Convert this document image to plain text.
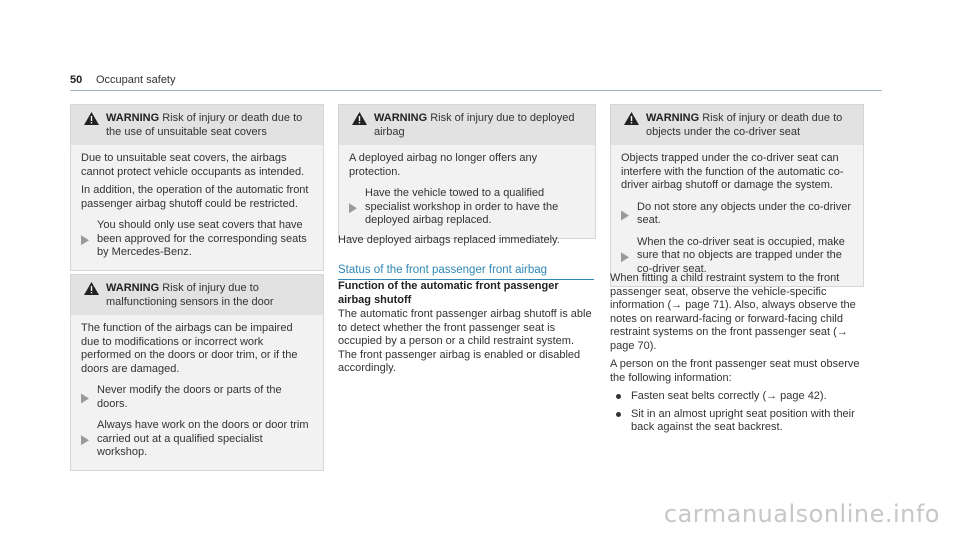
50 Occupant safety
WARNING Risk of injury or death due to the use of unsuitable seat covers

Due to unsuitable seat covers, the airbags cannot protect vehicle occupants as intended.

In addition, the operation of the automatic front passenger airbag shutoff could be restricted.

You should only use seat covers that have been approved for the corresponding seats by Mercedes-Benz.
WARNING Risk of injury due to malfunctioning sensors in the door

The function of the airbags can be impaired due to modifications or incorrect work performed on the doors or door trim, or if the doors are damaged.

Never modify the doors or parts of the doors.
Always have work on the doors or door trim carried out at a qualified specialist workshop.
WARNING Risk of injury due to deployed airbag

A deployed airbag no longer offers any protection.

Have the vehicle towed to a qualified specialist workshop in order to have the deployed airbag replaced.

Have deployed airbags replaced immediately.

Status of the front passenger front airbag

Function of the automatic front passenger airbag shutoff

The automatic front passenger airbag shutoff is able to detect whether the front passenger seat is occupied by a person or a child restraint system. The front passenger airbag is enabled or disabled accordingly.

WARNING Risk of injury or death due to objects under the co-driver seat

Objects trapped under the co-driver seat can interfere with the function of the automatic co-driver airbag shutoff or damage the system.

Do not store any objects under the co-driver seat.
When the co-driver seat is occupied, make sure that no objects are trapped under the co-driver seat.

When fitting a child restraint system to the front passenger seat, observe the vehicle-specific information (→ page 71). Also, always observe the notes on rearward-facing or forward-facing child restraint systems on the front passenger seat (→ page 70).

A person on the front passenger seat must observe the following information:

Fasten seat belts correctly (→ page 42).
Sit in an almost upright seat position with their back against the seat backrest.
carmanualsonline.info
